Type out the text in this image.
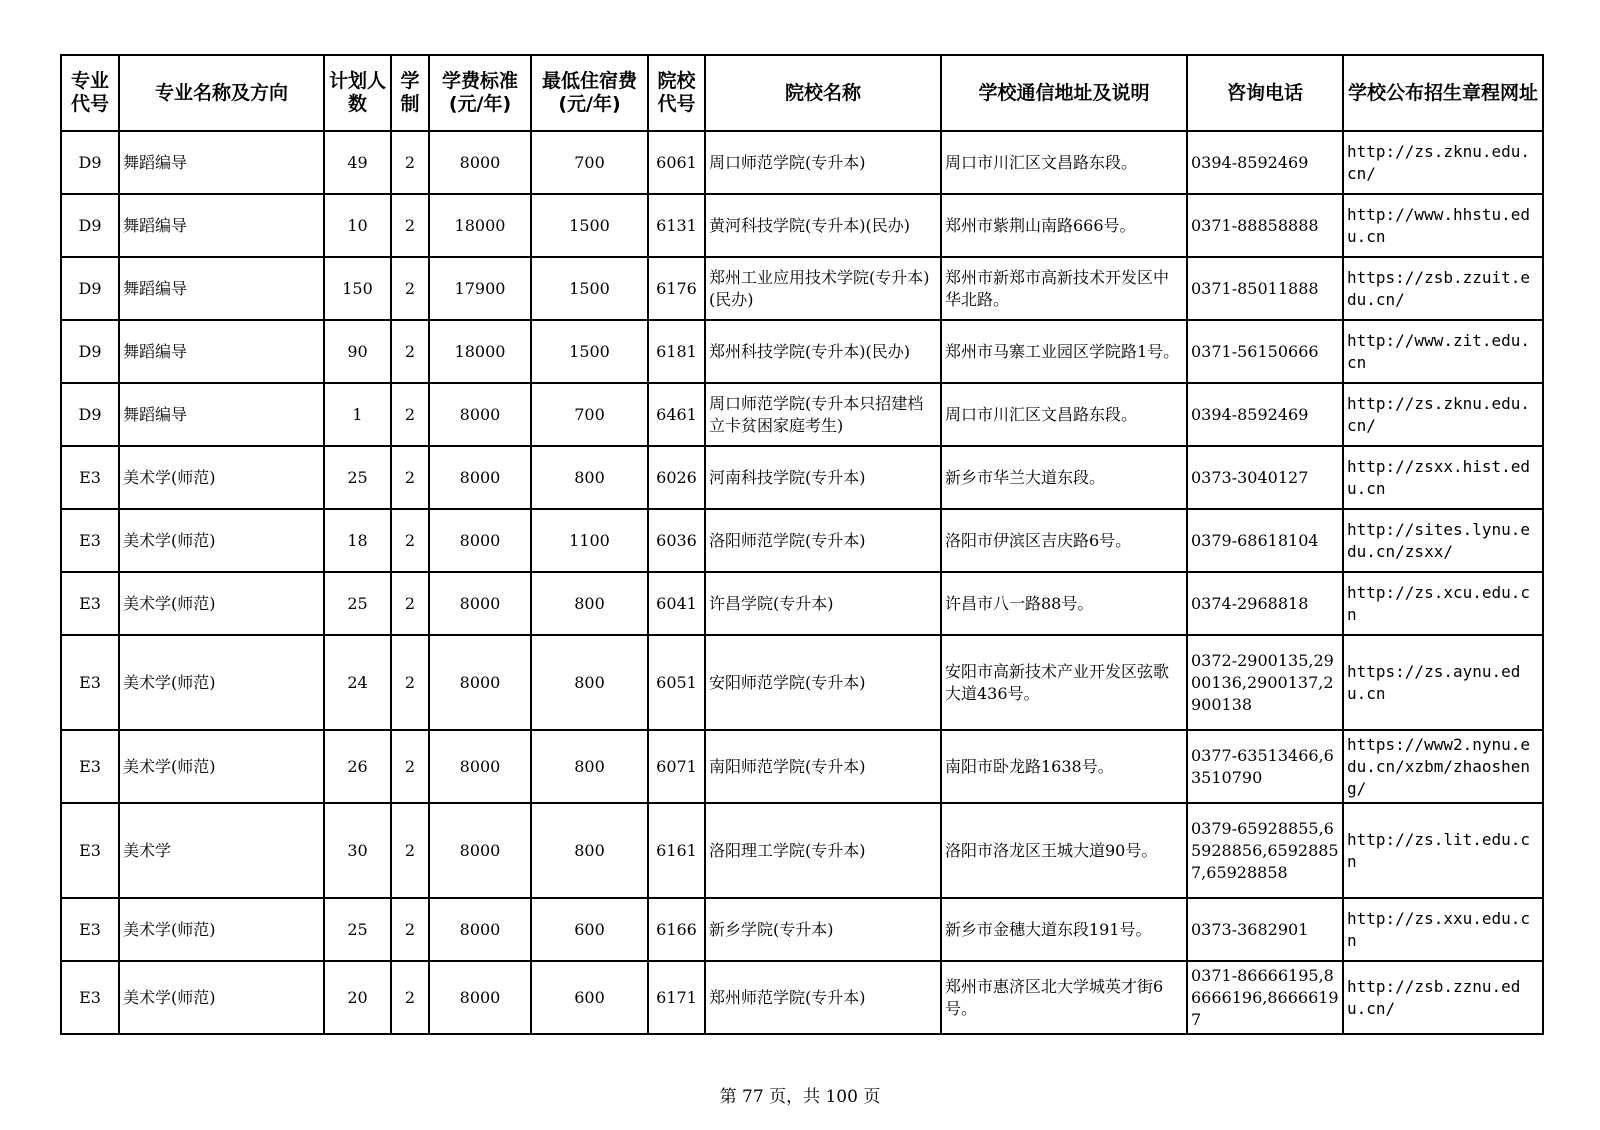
专业代号	专业名称及方向	计划人数	学制	学费标准(元/年)	最低住宿费(元/年)	院校代号	院校名称	学校通信地址及说明	咨询电话	学校公布招生章程网址
D9	舞蹈编导	49	2	8000	700	6061	周口师范学院(专升本)	周口市川汇区文昌路东段。	0394-8592469	http://zs.zknu.edu.cn/
D9	舞蹈编导	10	2	18000	1500	6131	黄河科技学院(专升本)(民办)	郑州市紫荆山南路666号。	0371-88858888	http://www.hhstu.edu.cn
D9	舞蹈编导	150	2	17900	1500	6176	郑州工业应用技术学院(专升本)(民办)	郑州市新郑市高新技术开发区中华北路。	0371-85011888	https://zsb.zzuit.edu.cn/
D9	舞蹈编导	90	2	18000	1500	6181	郑州科技学院(专升本)(民办)	郑州市马寨工业园区学院路1号。	0371-56150666	http://www.zit.edu.cn
D9	舞蹈编导	1	2	8000	700	6461	周口师范学院(专升本只招建档立卡贫困家庭考生)	周口市川汇区文昌路东段。	0394-8592469	http://zs.zknu.edu.cn/
E3	美术学(师范)	25	2	8000	800	6026	河南科技学院(专升本)	新乡市华兰大道东段。	0373-3040127	http://zsxx.hist.edu.cn
E3	美术学(师范)	18	2	8000	1100	6036	洛阳师范学院(专升本)	洛阳市伊滨区吉庆路6号。	0379-68618104	http://sites.lynu.edu.cn/zsxx/
E3	美术学(师范)	25	2	8000	800	6041	许昌学院(专升本)	许昌市八一路88号。	0374-2968818	http://zs.xcu.edu.cn
E3	美术学(师范)	24	2	8000	800	6051	安阳师范学院(专升本)	安阳市高新技术产业开发区弦歌大道436号。	0372-2900135,2900136,2900137,2900138	https://zs.aynu.edu.cn
E3	美术学(师范)	26	2	8000	800	6071	南阳师范学院(专升本)	南阳市卧龙路1638号。	0377-63513466,63510790	https://www2.nynu.edu.cn/xzbm/zhaosheng/
E3	美术学	30	2	8000	800	6161	洛阳理工学院(专升本)	洛阳市洛龙区王城大道90号。	0379-65928855,65928856,65928857,65928858	http://zs.lit.edu.cn
E3	美术学(师范)	25	2	8000	600	6166	新乡学院(专升本)	新乡市金穗大道东段191号。	0373-3682901	http://zs.xxu.edu.cn
E3	美术学(师范)	20	2	8000	600	6171	郑州师范学院(专升本)	郑州市惠济区北大学城英才街6号。	0371-86666195,86666196,86666197	http://zsb.zznu.edu.cn/
第 77 页，共 100 页
